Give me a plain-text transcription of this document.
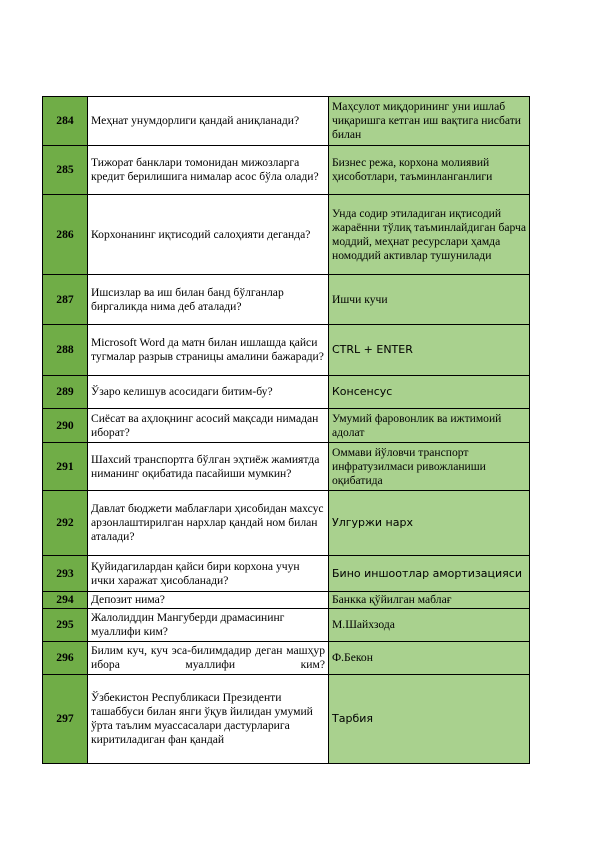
284	Меҳнат унумдорлиги қандай аниқланади?	Маҳсулот миқдорининг уни ишлаб чиқаришга кетган иш вақтига нисбати билан
285	Тижорат банклари томонидан мижозларга кредит берилишига нималар асос бўла олади?	Бизнес режа, корхона молиявий ҳисоботлари, таъминланганлиги
286	Корхонанинг иқтисодий салоҳияти деганда?	Унда содир этиладиган иқтисодий жараённи тўлиқ таъминлайдиган барча моддий, меҳнат ресурслари ҳамда номоддий активлар тушунилади
287	Ишсизлар ва иш билан банд бўлганлар биргаликда нима деб аталади?	Ишчи кучи
288	Microsoft Word да матн билан ишлашда қайси тугмалар разрыв страницы амалини бажаради?	CTRL + ENTER
289	Ўзаро келишув асосидаги битим-бу?	Консенсус
290	Сиёсат ва аҳлоқнинг асосий мақсади нимадан иборат?	Умумий фаровонлик ва ижтимоий адолат
291	Шахсий транспортга бўлган эҳтиёж жамиятда ниманинг оқибатида пасайиши мумкин?	Оммави йўловчи транспорт инфратузилмаси ривожланиши оқибатида
292	Давлат бюджети маблағлари ҳисобидан махсус арзонлаштирилган нархлар қандай ном билан аталади?	Улгуржи нарх
293	Қуйидагилардан қайси бири корхона учун ички харажат ҳисобланади?	Бино иншоотлар амортизацияси
294	Депозит нима?	Банкка қўйилган маблағ
295	Жалолиддин Мангуберди драмасининг муаллифи ким?	М.Шайхзода
296	Билим куч, куч эса-билимдадир деган машҳур ибора муаллифи ким?	Ф.Бекон
297	Ўзбекистон Республикаси Президенти ташаббуси билан янги ўқув йилидан умумий ўрта таълим муассасалари дастурларига киритиладиган фан қандай	Тарбия
